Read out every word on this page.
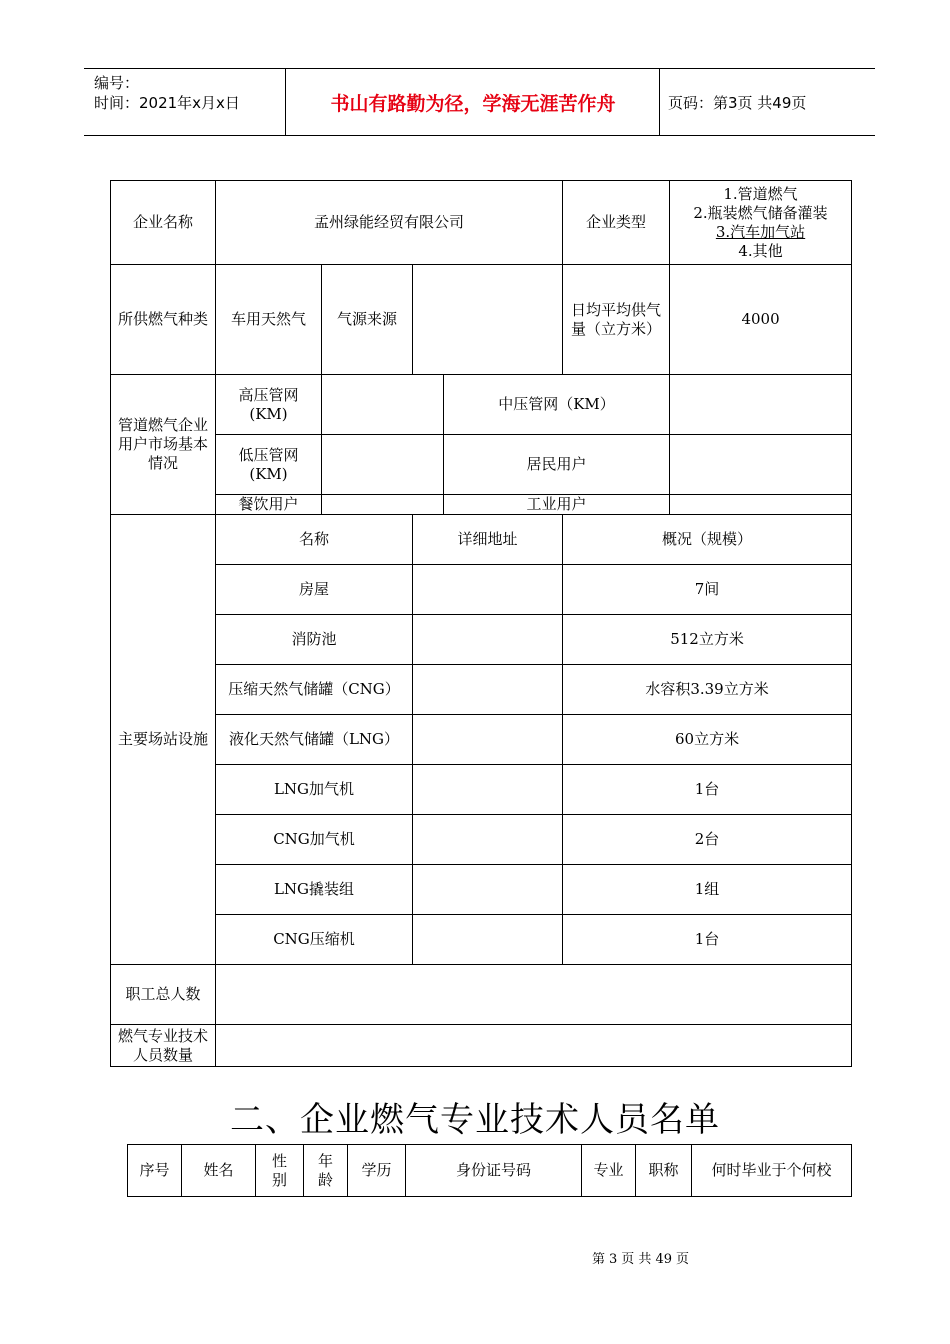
编号：
时间：2021年x月x日	书山有路勤为径，学海无涯苦作舟	页码：第3页 共49页
企业名称	孟州绿能经贸有限公司				企业类型	1.管道燃气
2.瓶装燃气储备灌装
3.汽车加气站
4.其他

所供燃气种类	车用天然气	气源来源			日均平均供气量（立方米）	4000
管道燃气企业用户市场基本情况	高压管网(KM)			中压管网（KM）		
	低压管网(KM)			居民用户		
	餐饮用户			工业用户		
主要场站设施	名称		详细地址		概况（规模）	
	房屋				7间	
	消防池				512立方米	
	压缩天然气储罐（CNG）				水容积3.39立方米	
	液化天然气储罐（LNG）				60立方米	
	LNG加气机				1台	
	CNG加气机				2台	
	LNG撬装组				1组	
	CNG压缩机				1台	
职工总人数						
燃气专业技术人员数量						
二、企业燃气专业技术人员名单
序号	姓名	性别	年龄	学历	身份证号码	专业	职称	何时毕业于个何校
第 3 页 共 49 页
